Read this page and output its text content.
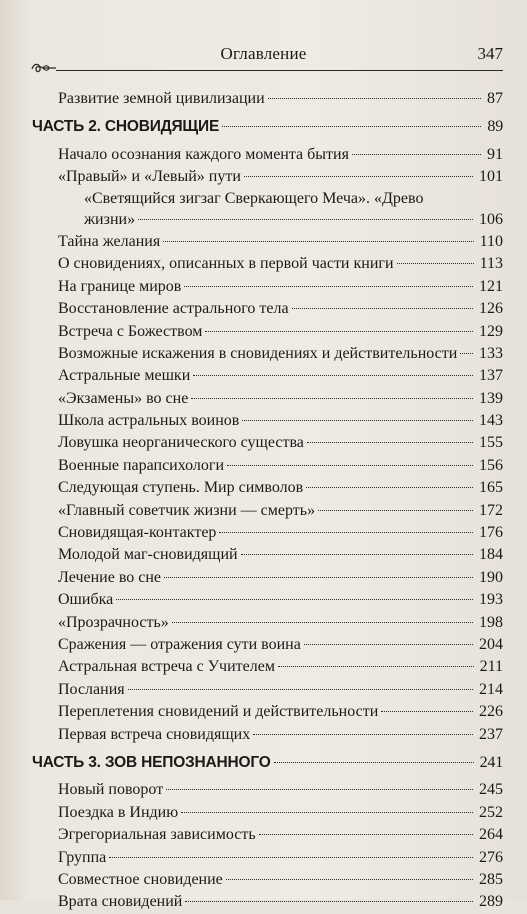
Оглавление	347
Развитие земной цивилизации	87
ЧАСТЬ 2. СНОВИДЯЩИЕ	89
Начало осознания каждого момента бытия	91
«Правый» и «Левый» пути	101
«Светящийся зигзаг Сверкающего Меча». «Древо
жизни»	106
Тайна желания	110
О сновидениях, описанных в первой части книги	113
На границе миров	121
Восстановление астрального тела	126
Встреча с Божеством	129
Возможные искажения в сновидениях и действительности 133
Астральные мешки	137
«Экзамены» во сне	139
Школа астральных воинов	143
Ловушка неорганического существа	155
Военные парапсихологи	156
Следующая ступень. Мир символов	165
«Главный советчик жизни — смерть»	172
Сновидящая-контактер	176
Молодой маг-сновидящий	184
Лечение во сне	190
Ошибка	193
«Прозрачность»	198
Сражения — отражения сути воина	204
Астральная встреча с Учителем	211
Послания	214
Переплетения сновидений и действительности	226
Первая встреча сновидящих	237
ЧАСТЬ 3. ЗОВ НЕПОЗНАННОГО	241
Новый поворот	245
Поездка в Индию	252
Эгрегориальная зависимость	264
Группа	276
Совместное сновидение	285
Врата сновидений	289
